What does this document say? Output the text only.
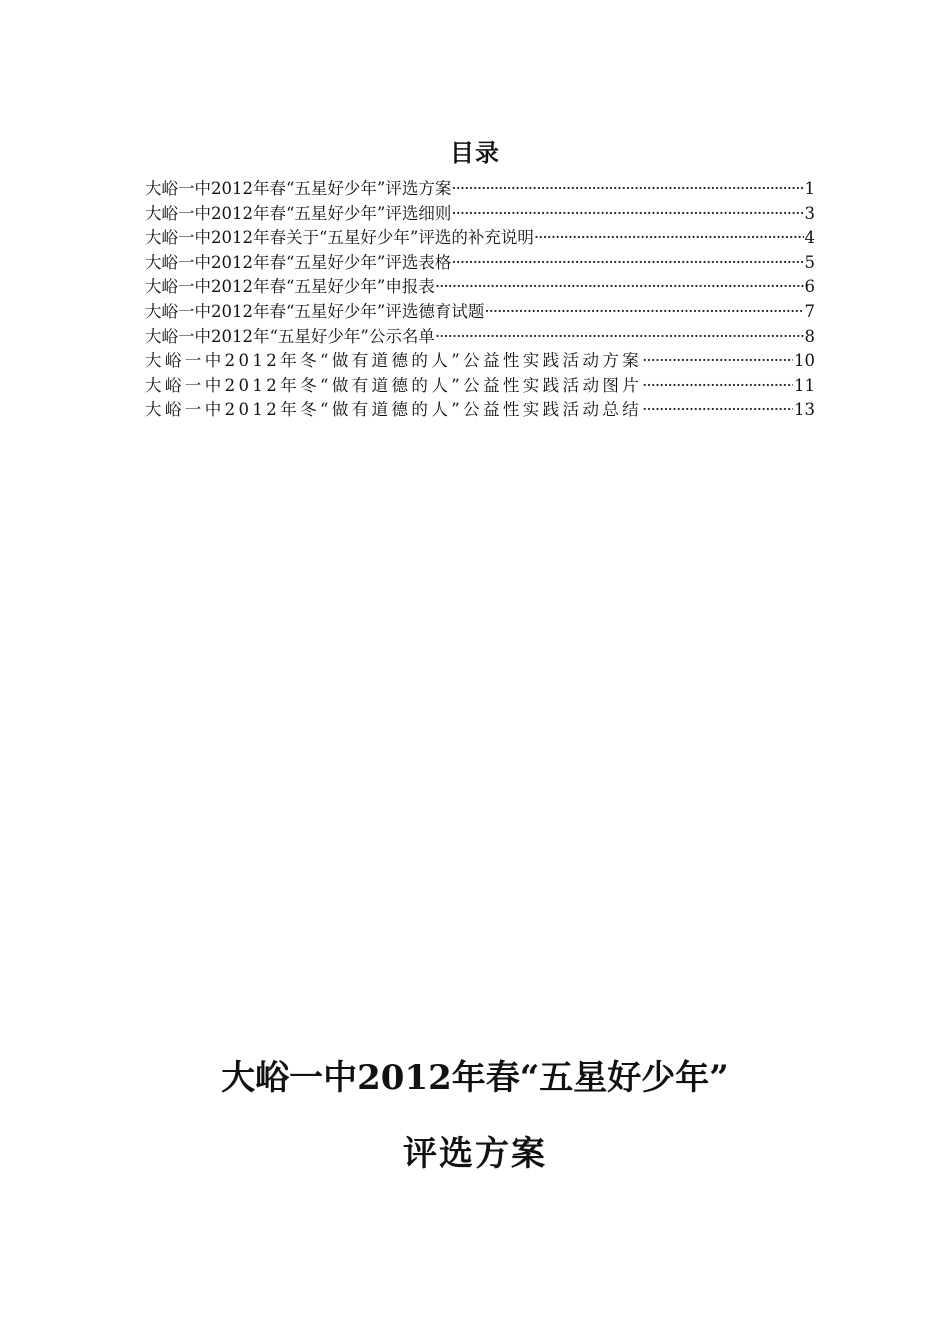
目录
大峪一中2012年春“五星好少年”评选方案 ·····	1
大峪一中2012年春“五星好少年”评选细则 ·····	3
大峪一中2012年春关于“五星好少年”评选的补充说明 ·····	4
大峪一中2012年春“五星好少年”评选表格 ·····	5
大峪一中2012年春“五星好少年”申报表 ·····	6
大峪一中2012年春“五星好少年”评选德育试题 ·····	7
大峪一中2012年“五星好少年”公示名单 ·····	8
大峪一中2012年冬“做有道德的人”公益性实践活动方案 ·····	10
大峪一中2012年冬“做有道德的人”公益性实践活动图片 ·····	11
大峪一中2012年冬“做有道德的人”公益性实践活动总结 ·····	13
大峪一中2012年春“五星好少年”
评选方案
